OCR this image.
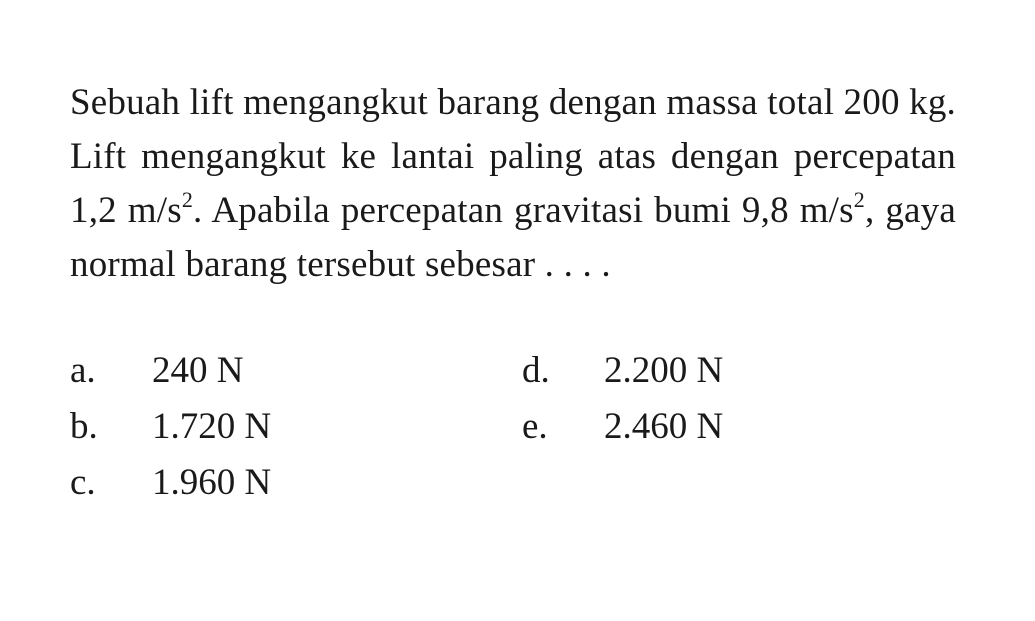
Sebuah lift mengangkut barang dengan massa total 200 kg. Lift mengangkut ke lantai paling atas dengan percepatan 1,2 $m/s^2$. Apabila percepatan gravitasi bumi 9,8 $m/s^2$, gaya normal barang tersebut sebesar . . . .
a. 240 N
b. 1.720 N
c. 1.960 N
d. 2.200 N
e. 2.460 N
